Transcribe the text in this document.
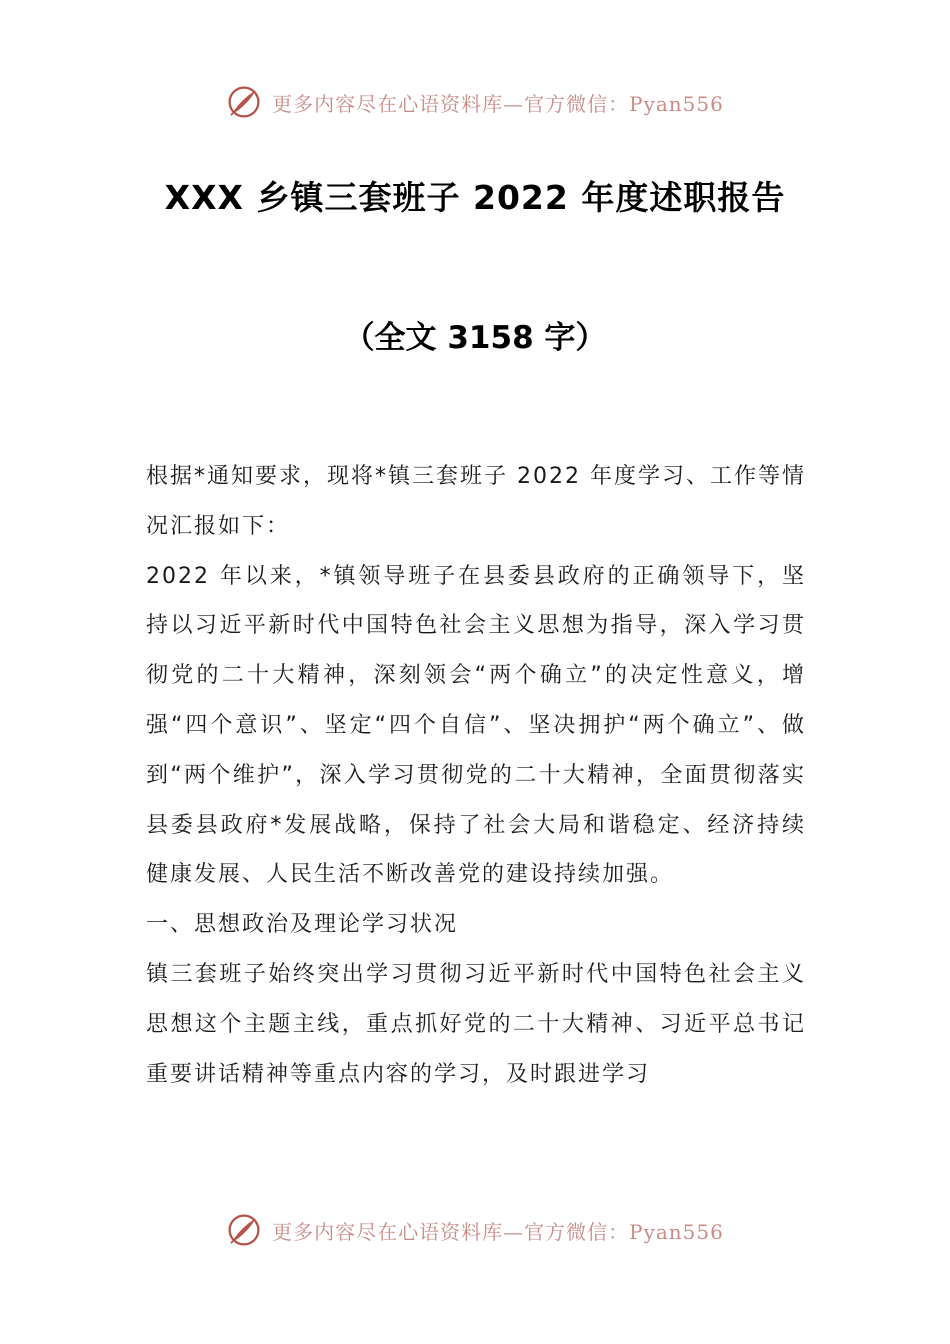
更多内容尽在心语资料库—官方微信：Pyan556
XXX 乡镇三套班子 2022 年度述职报告
（全文 3158 字）

根据*通知要求，现将*镇三套班子 2022 年度学习、工作等情况汇报如下：

2022 年以来，*镇领导班子在县委县政府的正确领导下，坚持以习近平新时代中国特色社会主义思想为指导，深入学习贯彻党的二十大精神，深刻领会“两个确立”的决定性意义，增强“四个意识”、坚定“四个自信”、坚决拥护“两个确立”、做到“两个维护”，深入学习贯彻党的二十大精神，全面贯彻落实县委县政府*发展战略，保持了社会大局和谐稳定、经济持续健康发展、人民生活不断改善党的建设持续加强。

一、思想政治及理论学习状况

镇三套班子始终突出学习贯彻习近平新时代中国特色社会主义思想这个主题主线，重点抓好党的二十大精神、习近平总书记重要讲话精神等重点内容的学习，及时跟进学习

更多内容尽在心语资料库—官方微信：Pyan556
